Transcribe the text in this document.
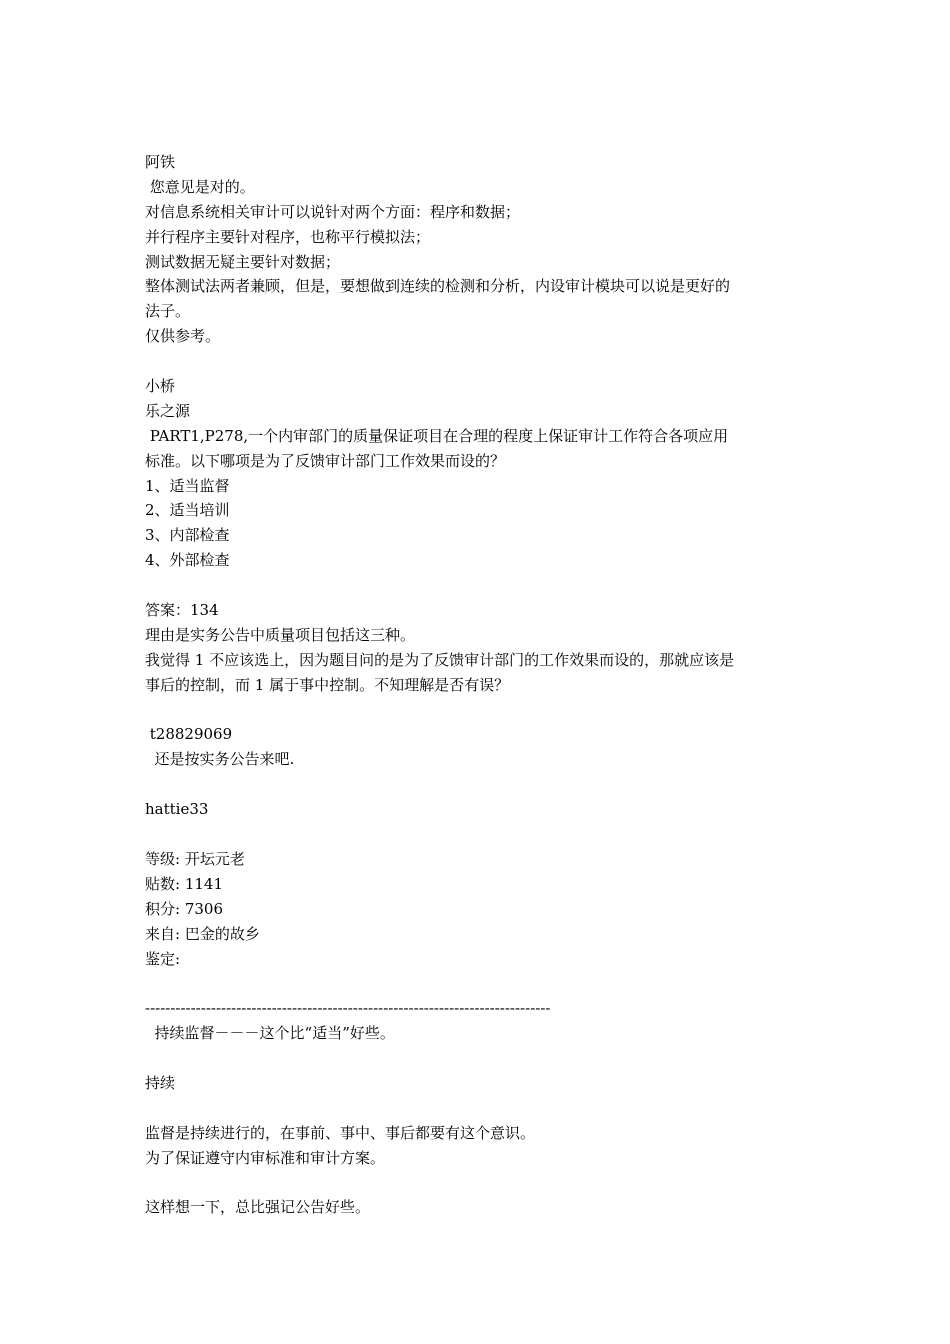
阿铁
您意见是对的。
对信息系统相关审计可以说针对两个方面：程序和数据；
并行程序主要针对程序，也称平行模拟法；
测试数据无疑主要针对数据；
整体测试法两者兼顾，但是，要想做到连续的检测和分析，内设审计模块可以说是更好的
法子。
仅供参考。
小桥
乐之源
PART1,P278,一个内审部门的质量保证项目在合理的程度上保证审计工作符合各项应用
标准。以下哪项是为了反馈审计部门工作效果而设的？
1、适当监督
2、适当培训
3、内部检查
4、外部检查
答案：134
理由是实务公告中质量项目包括这三种。
我觉得 1 不应该选上，因为题目问的是为了反馈审计部门的工作效果而设的，那就应该是
事后的控制，而 1 属于事中控制。不知理解是否有误？
t28829069
还是按实务公告来吧.
hattie33
等级: 开坛元老
贴数: 1141
积分: 7306
来自: 巴金的故乡
鉴定:
--------------------------------------------------------------------------------
持续监督－－－这个比“适当”好些。
持续
监督是持续进行的，在事前、事中、事后都要有这个意识。
为了保证遵守内审标准和审计方案。
这样想一下，总比强记公告好些。
